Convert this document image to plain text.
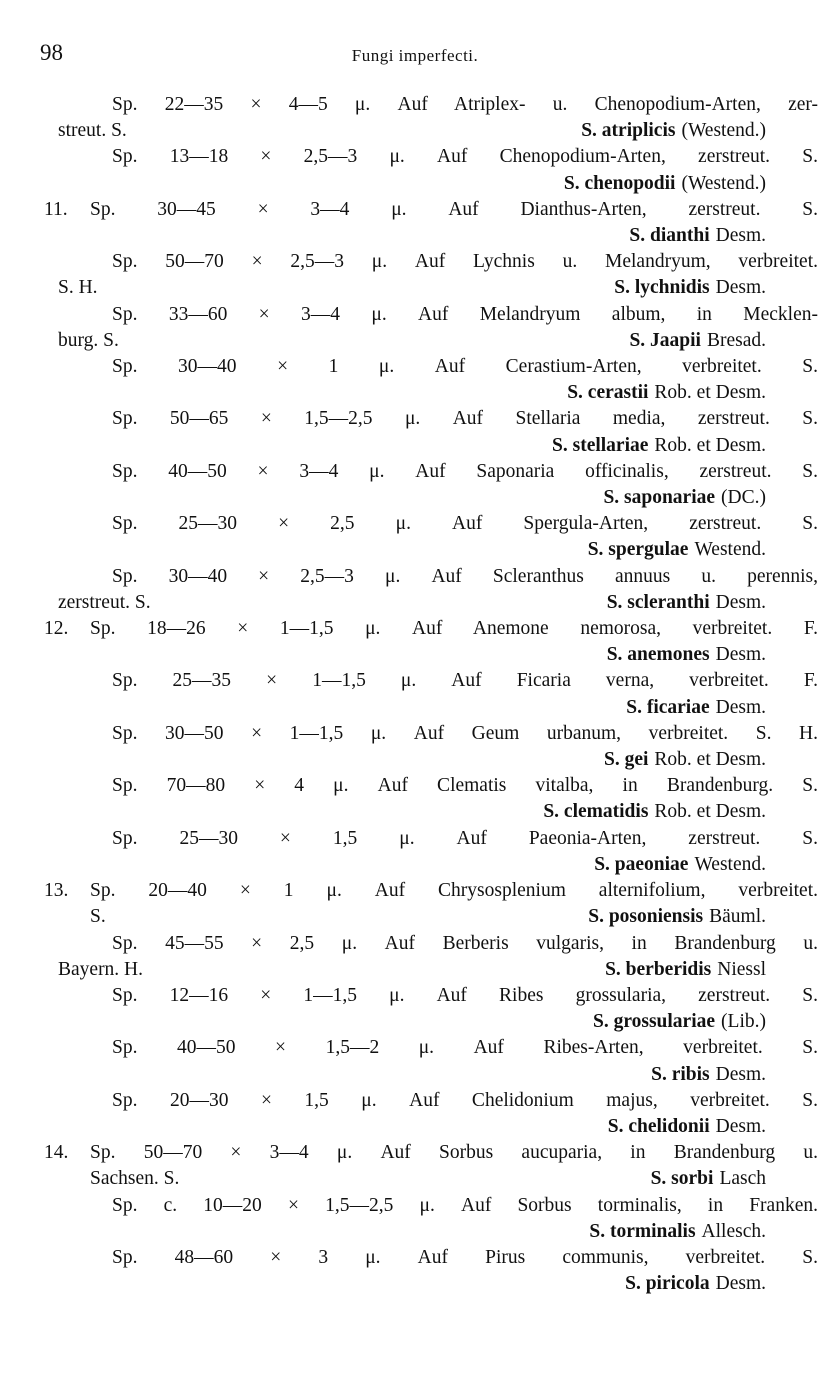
98	Fungi imperfecti.
Sp. 22—35 × 4—5 μ. Auf Atriplex- u. Chenopodium-Arten, zer-
streut. S.	S. atriplicis (Westend.)
Sp. 13—18 × 2,5—3 μ. Auf Chenopodium-Arten, zerstreut. S.
S. chenopodii (Westend.)
11.	Sp. 30—45 × 3—4 μ. Auf Dianthus-Arten, zerstreut. S.
S. dianthi Desm.
Sp. 50—70 × 2,5—3 μ. Auf Lychnis u. Melandryum, verbreitet.
S. H.	S. lychnidis Desm.
Sp. 33—60 × 3—4 μ. Auf Melandryum album, in Mecklen-
burg. S.	S. Jaapii Bresad.
Sp. 30—40 × 1 μ. Auf Cerastium-Arten, verbreitet. S.
S. cerastii Rob. et Desm.
Sp. 50—65 × 1,5—2,5 μ. Auf Stellaria media, zerstreut. S.
S. stellariae Rob. et Desm.
Sp. 40—50 × 3—4 μ. Auf Saponaria officinalis, zerstreut. S.
S. saponariae (DC.)
Sp. 25—30 × 2,5 μ. Auf Spergula-Arten, zerstreut. S.
S. spergulae Westend.
Sp. 30—40 × 2,5—3 μ. Auf Scleranthus annuus u. perennis,
zerstreut. S.	S. scleranthi Desm.
12.	Sp. 18—26 × 1—1,5 μ. Auf Anemone nemorosa, verbreitet. F.
S. anemones Desm.
Sp. 25—35 × 1—1,5 μ. Auf Ficaria verna, verbreitet. F.
S. ficariae Desm.
Sp. 30—50 × 1—1,5 μ. Auf Geum urbanum, verbreitet. S. H.
S. gei Rob. et Desm.
Sp. 70—80 × 4 μ. Auf Clematis vitalba, in Brandenburg. S.
S. clematidis Rob. et Desm.
Sp. 25—30 × 1,5 μ. Auf Paeonia-Arten, zerstreut. S.
S. paeoniae Westend.
13.	Sp. 20—40 × 1 μ. Auf Chrysosplenium alternifolium, verbreitet.
S.	S. posoniensis Bäuml.
Sp. 45—55 × 2,5 μ. Auf Berberis vulgaris, in Brandenburg u.
Bayern. H.	S. berberidis Niessl
Sp. 12—16 × 1—1,5 μ. Auf Ribes grossularia, zerstreut. S.
S. grossulariae (Lib.)
Sp. 40—50 × 1,5—2 μ. Auf Ribes-Arten, verbreitet. S.
S. ribis Desm.
Sp. 20—30 × 1,5 μ. Auf Chelidonium majus, verbreitet. S.
S. chelidonii Desm.
14.	Sp. 50—70 × 3—4 μ. Auf Sorbus aucuparia, in Brandenburg u.
Sachsen. S.	S. sorbi Lasch
Sp. c. 10—20 × 1,5—2,5 μ. Auf Sorbus torminalis, in Franken.
S. torminalis Allesch.
Sp. 48—60 × 3 μ. Auf Pirus communis, verbreitet. S.
S. piricola Desm.
